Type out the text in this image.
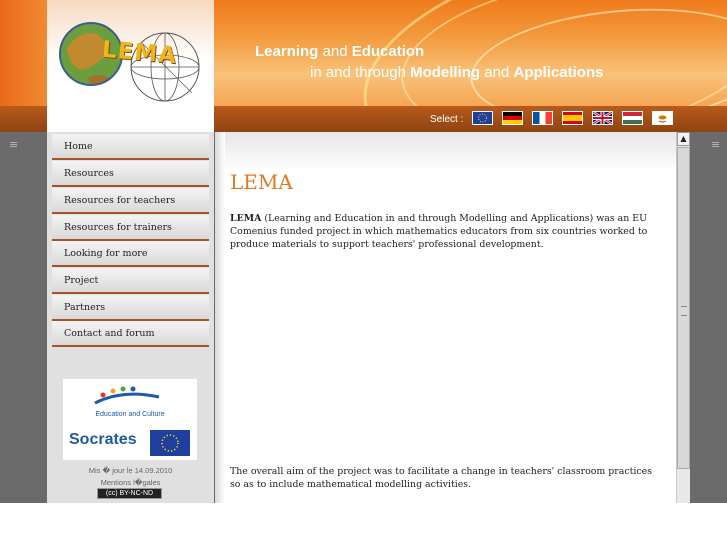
Learning and Education
in and through Modelling and Applications
Select :
LEMA
≡	≡
Home
Resources
Resources for teachers
Resources for trainers
Looking for more
Project
Partners
Contact and forum
Education and Culture
Socrates
Mis � jour le 14.09.2010
Mentions l�gales
(cc) BY-NC-ND
LEMA

LEMA (Learning and Education in and through Modelling and Applications) was an EU Comenius funded project in which mathematics educators from six countries worked to produce materials to support teachers' professional development.

The overall aim of the project was to facilitate a change in teachers' classroom practices so as to include mathematical modelling activities.

▲
